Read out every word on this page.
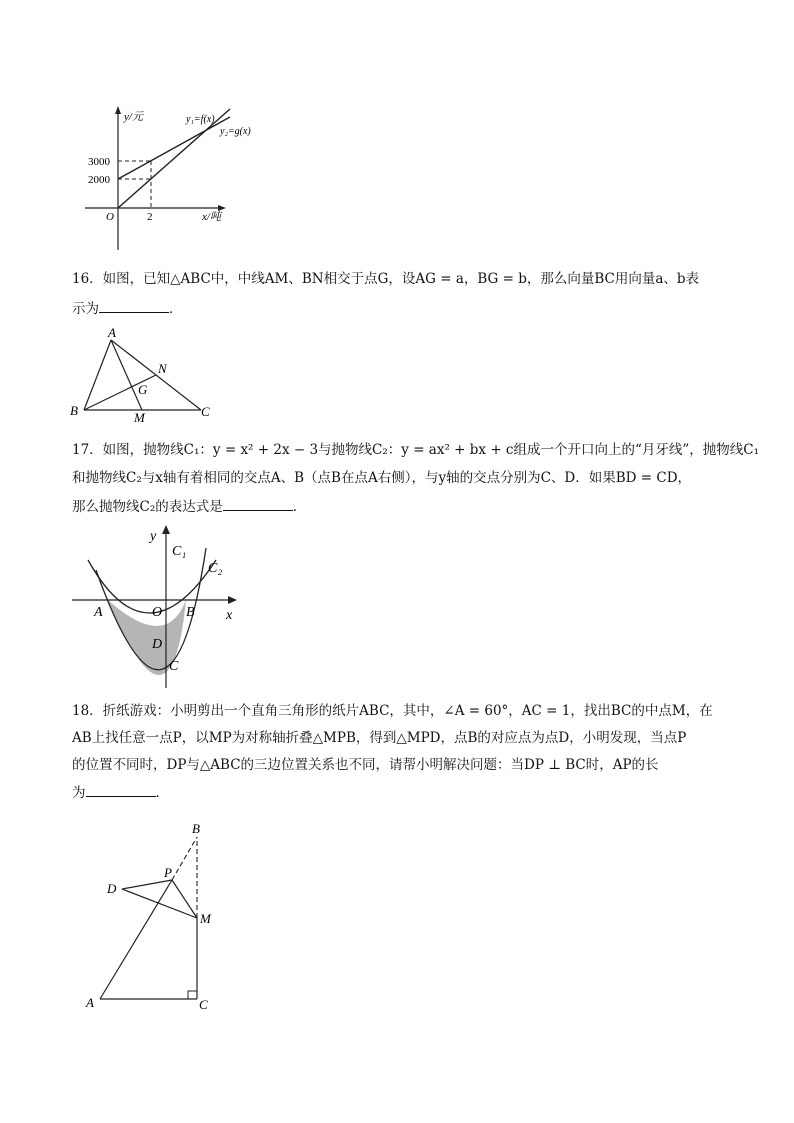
y/元	y₁=f(x)
y₂=g(x)
3000
2000
O	2	x/吨
16．如图，已知△ABC中，中线AM、BN相交于点G，设AG = a，BG = b，那么向量BC用向量a、b表
示为	．
A
B	C
M
N
G
17．如图，抛物线C₁：y = x² + 2x − 3与抛物线C₂：y = ax² + bx + c组成一个开口向上的“月牙线”，抛物线C₁
和抛物线C₂与x轴有着相同的交点A、B（点B在点A右侧），与y轴的交点分别为C、D．如果BD = CD，
那么抛物线C₂的表达式是	．
y
C₁
C₂
A	O B x
D
C
18．折纸游戏：小明剪出一个直角三角形的纸片ABC，其中，∠A = 60°，AC = 1，找出BC的中点M，在
AB上找任意一点P，以MP为对称轴折叠△MPB，得到△MPD，点B的对应点为点D，小明发现，当点P
的位置不同时，DP与△ABC的三边位置关系也不同，请帮小明解决问题：当DP ⊥ BC时，AP的长
为	．
B
P
D
M
A	C
